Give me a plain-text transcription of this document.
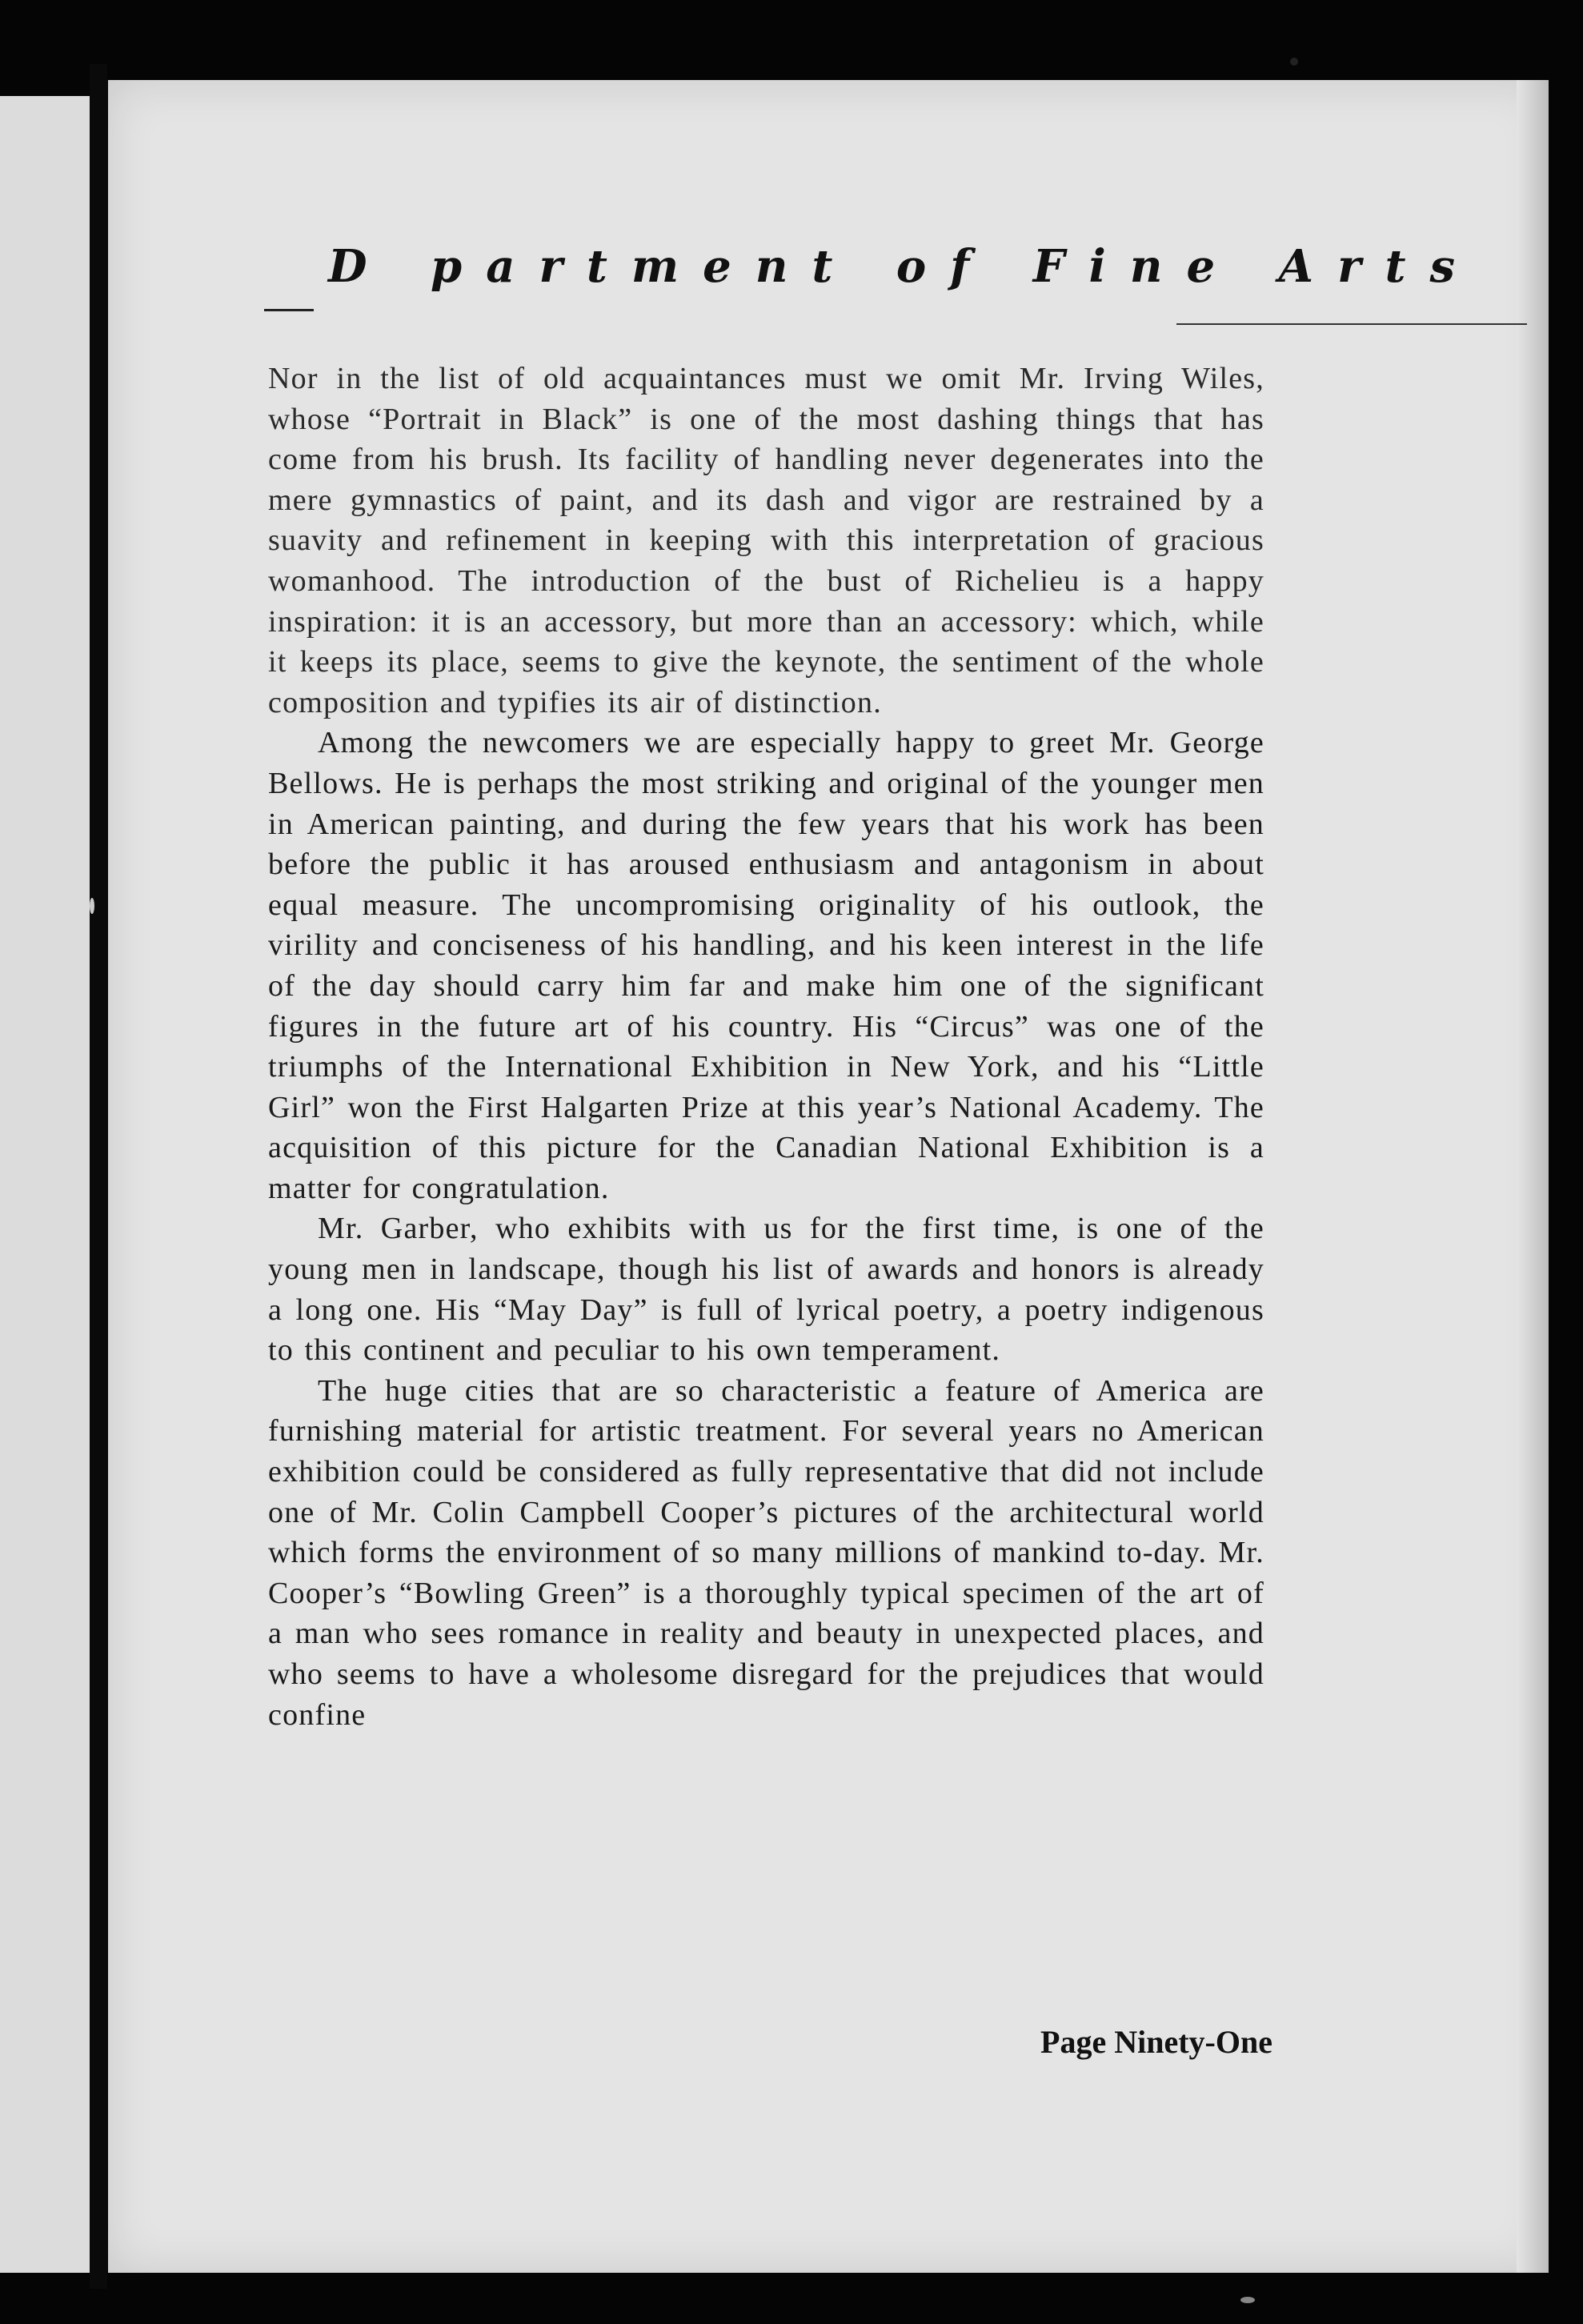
D partment of Fine Arts

Nor in the list of old acquaintances must we omit Mr. Irving Wiles, whose “Portrait in Black” is one of the most dashing things that has come from his brush. Its facility of handling never degenerates into the mere gymnastics of paint, and its dash and vigor are restrained by a suavity and refinement in keeping with this interpretation of gracious womanhood. The introduction of the bust of Richelieu is a happy inspiration: it is an accessory, but more than an accessory: which, while it keeps its place, seems to give the keynote, the sentiment of the whole composition and typifies its air of distinction.

Among the newcomers we are especially happy to greet Mr. George Bellows. He is perhaps the most striking and original of the younger men in American painting, and during the few years that his work has been before the public it has aroused enthusiasm and antagonism in about equal measure. The uncompromising originality of his outlook, the virility and conciseness of his handling, and his keen interest in the life of the day should carry him far and make him one of the significant figures in the future art of his country. His “Circus” was one of the triumphs of the International Exhibition in New York, and his “Little Girl” won the First Halgarten Prize at this year’s National Academy. The acquisition of this picture for the Canadian National Exhibition is a matter for congratulation.

Mr. Garber, who exhibits with us for the first time, is one of the young men in landscape, though his list of awards and honors is already a long one. His “May Day” is full of lyrical poetry, a poetry indigenous to this continent and peculiar to his own temperament.

The huge cities that are so characteristic a feature of America are furnishing material for artistic treatment. For several years no American exhibition could be considered as fully representative that did not include one of Mr. Colin Campbell Cooper’s pictures of the architectural world which forms the environment of so many millions of mankind to-day. Mr. Cooper’s “Bowling Green” is a thoroughly typical specimen of the art of a man who sees romance in reality and beauty in unexpected places, and who seems to have a wholesome disregard for the prejudices that would confine

Page Ninety-One
